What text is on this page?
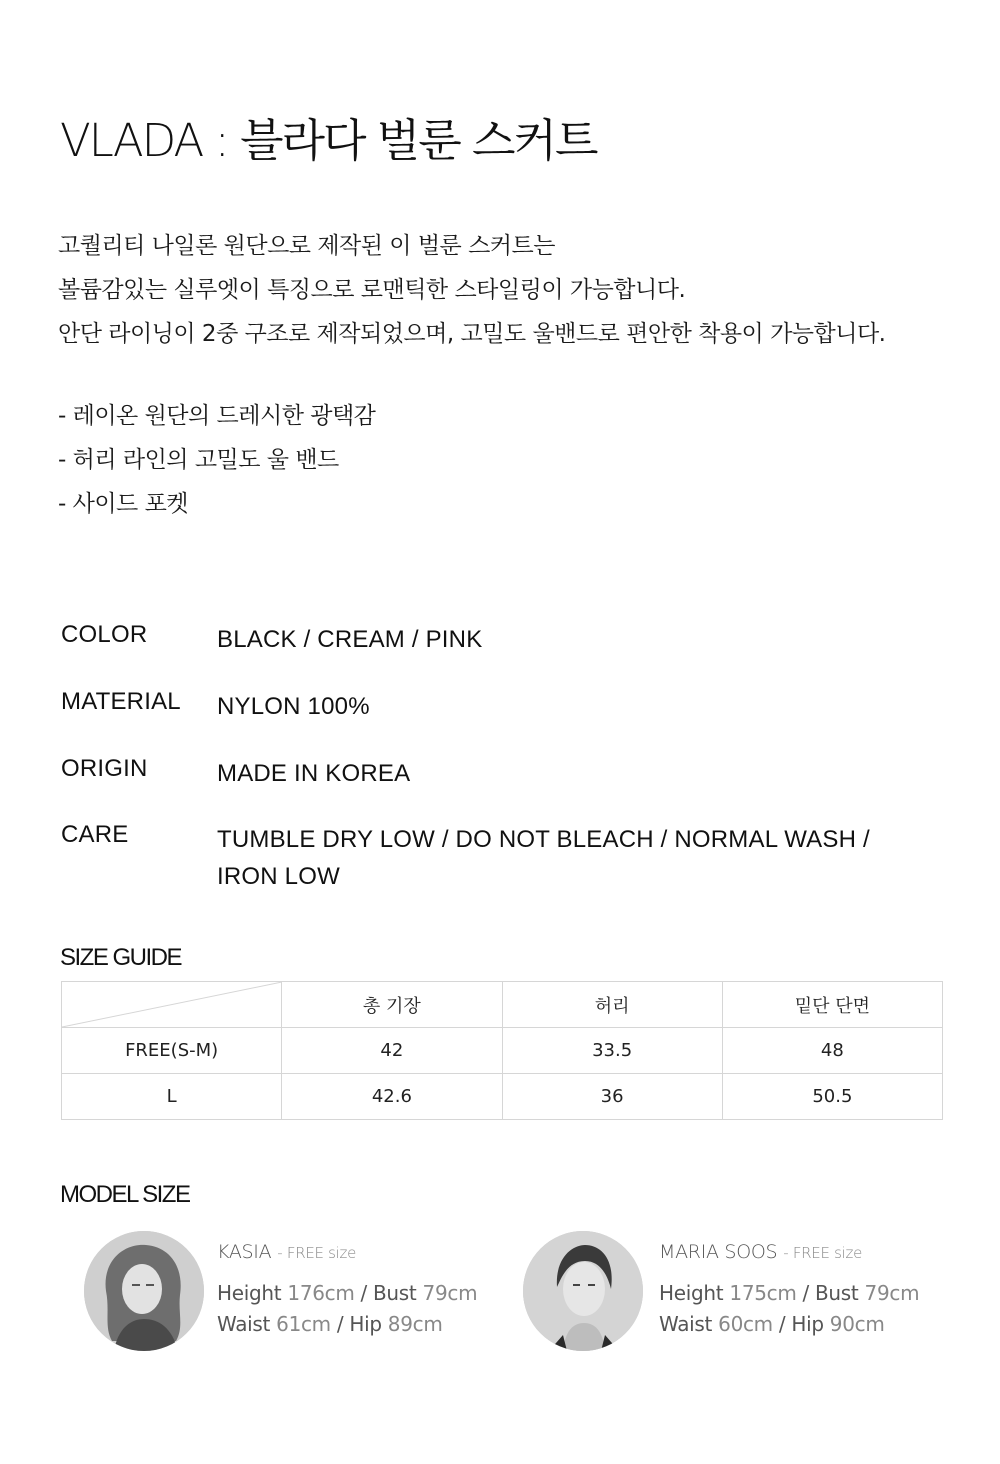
VLADA : 블라다 벌룬 스커트

고퀄리티 나일론 원단으로 제작된 이 벌룬 스커트는
볼륨감있는 실루엣이 특징으로 로맨틱한 스타일링이 가능합니다.
안단 라이닝이 2중 구조로 제작되었으며, 고밀도 울밴드로 편안한 착용이 가능합니다.

- 레이온 원단의 드레시한 광택감
- 허리 라인의 고밀도 울 밴드
- 사이드 포켓
COLOR	BLACK / CREAM / PINK
MATERIAL NYLON 100%
ORIGIN	MADE IN KOREA
CARE	TUMBLE DRY LOW / DO NOT BLEACH / NORMAL WASH / IRON LOW
SIZE GUIDE
	총 기장	허리	밑단 단면
FREE(S-M)	42	33.5	48
L	42.6	36	50.5
MODEL SIZE
KASIA - FREE size
Height 176cm / Bust 79cm
Waist 61cm / Hip 89cm
MARIA SOOS - FREE size
Height 175cm / Bust 79cm
Waist 60cm / Hip 90cm
